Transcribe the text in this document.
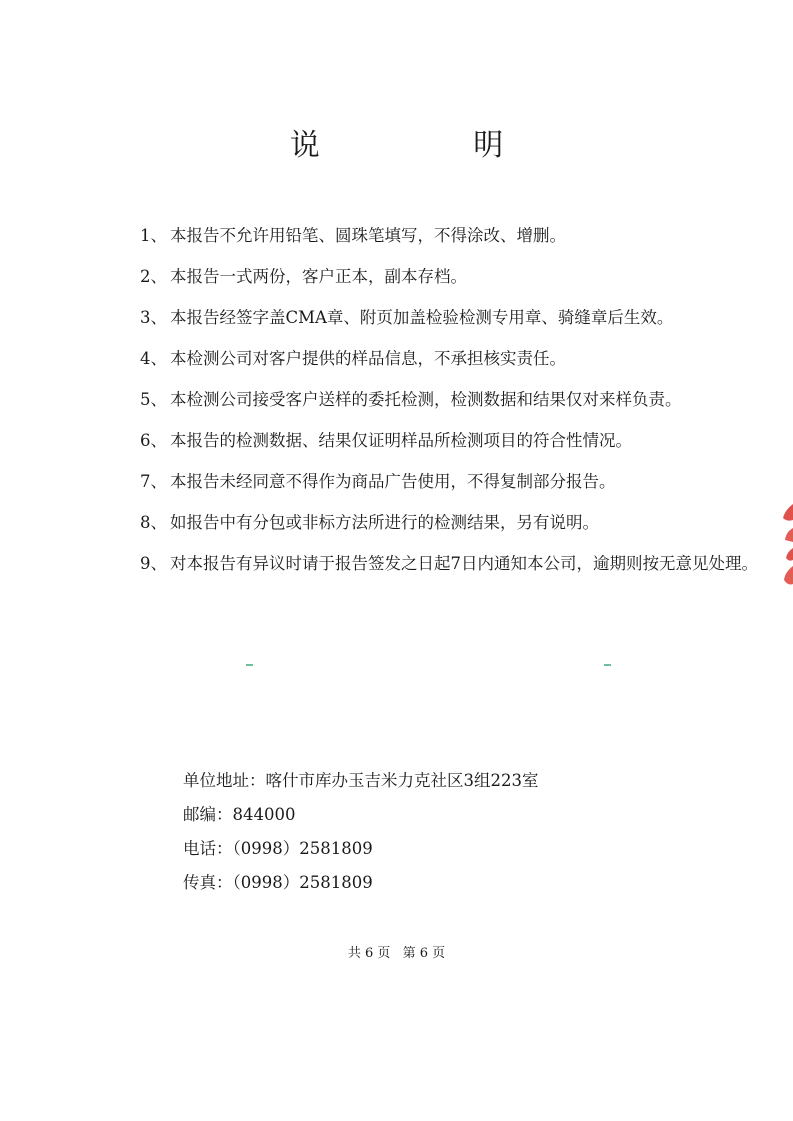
说 明
1、 本报告不允许用铅笔、圆珠笔填写，不得涂改、增删。
2、 本报告一式两份，客户正本，副本存档。
3、 本报告经签字盖CMA章、附页加盖检验检测专用章、骑缝章后生效。
4、 本检测公司对客户提供的样品信息，不承担核实责任。
5、 本检测公司接受客户送样的委托检测，检测数据和结果仅对来样负责。
6、 本报告的检测数据、结果仅证明样品所检测项目的符合性情况。
7、 本报告未经同意不得作为商品广告使用，不得复制部分报告。
8、 如报告中有分包或非标方法所进行的检测结果，另有说明。
9、 对本报告有异议时请于报告签发之日起7日内通知本公司，逾期则按无意见处理。
单位地址：喀什市库办玉吉米力克社区3组223室
邮编：844000
电话：（0998）2581809
传真：（0998）2581809
共 6 页 第 6 页
